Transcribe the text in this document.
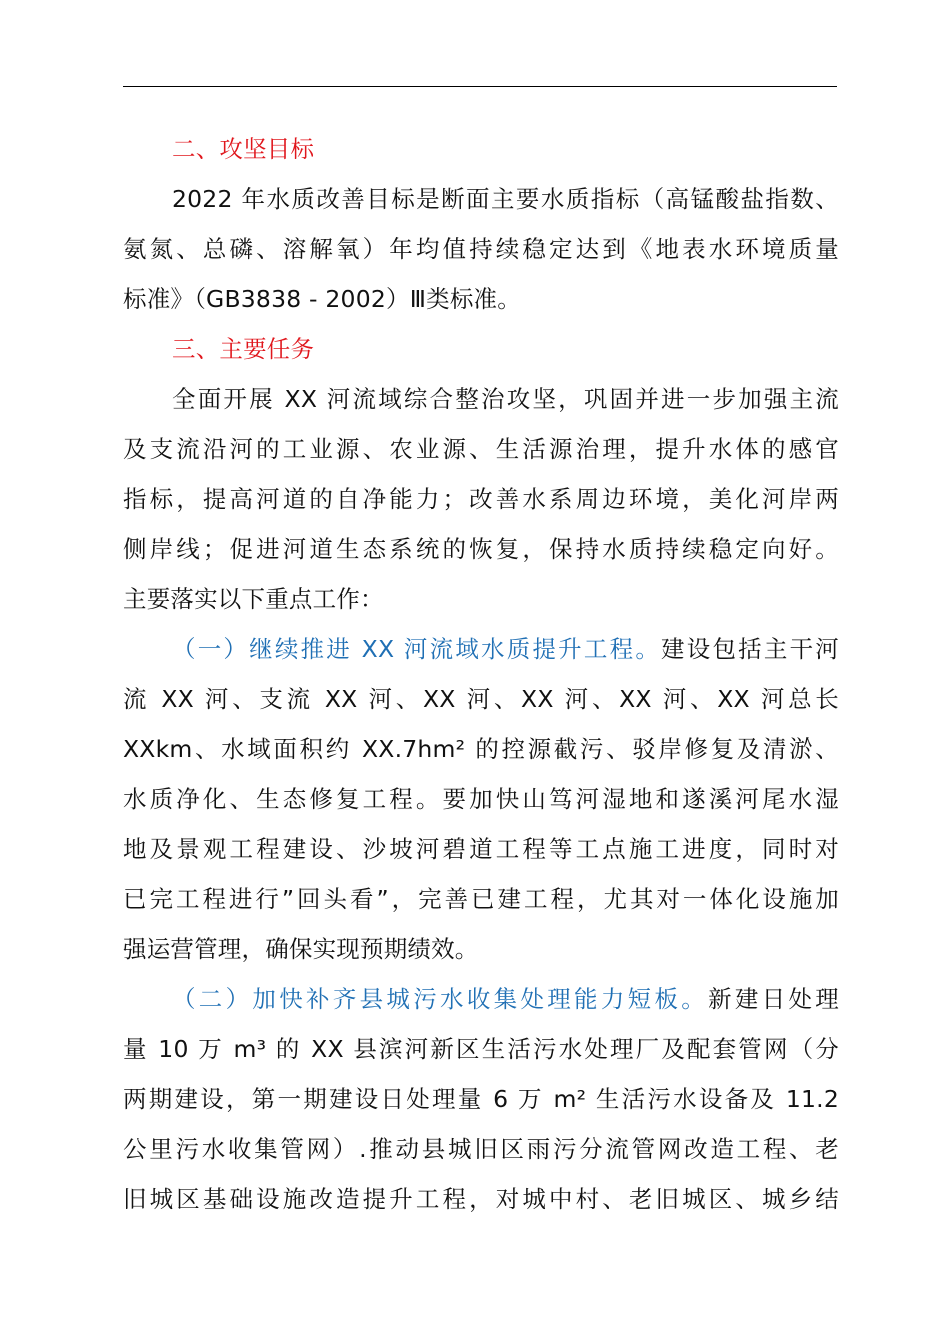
二、攻坚目标
2022 年水质改善目标是断面主要水质指标（高锰酸盐指数、
氨氮、总磷、溶解氧）年均值持续稳定达到《地表水环境质量
标准》（GB3838 - 2002）Ⅲ类标准。
三、主要任务
全面开展 XX 河流域综合整治攻坚，巩固并进一步加强主流
及支流沿河的工业源、农业源、生活源治理，提升水体的感官
指标，提高河道的自净能力；改善水系周边环境，美化河岸两
侧岸线；促进河道生态系统的恢复，保持水质持续稳定向好。
主要落实以下重点工作：
（一）继续推进 XX 河流域水质提升工程。建设包括主干河
流 XX 河、支流 XX 河、XX 河、XX 河、XX 河、XX 河总长
XXkm、水域面积约 XX.7hm² 的控源截污、驳岸修复及清淤、
水质净化、生态修复工程。要加快山笃河湿地和遂溪河尾水湿
地及景观工程建设、沙坡河碧道工程等工点施工进度，同时对
已完工程进行”回头看”，完善已建工程，尤其对一体化设施加
强运营管理，确保实现预期绩效。
（二）加快补齐县城污水收集处理能力短板。新建日处理
量 10 万 m³ 的 XX 县滨河新区生活污水处理厂及配套管网（分
两期建设，第一期建设日处理量 6 万 m² 生活污水设备及 11.2
公里污水收集管网）.推动县城旧区雨污分流管网改造工程、老
旧城区基础设施改造提升工程，对城中村、老旧城区、城乡结
